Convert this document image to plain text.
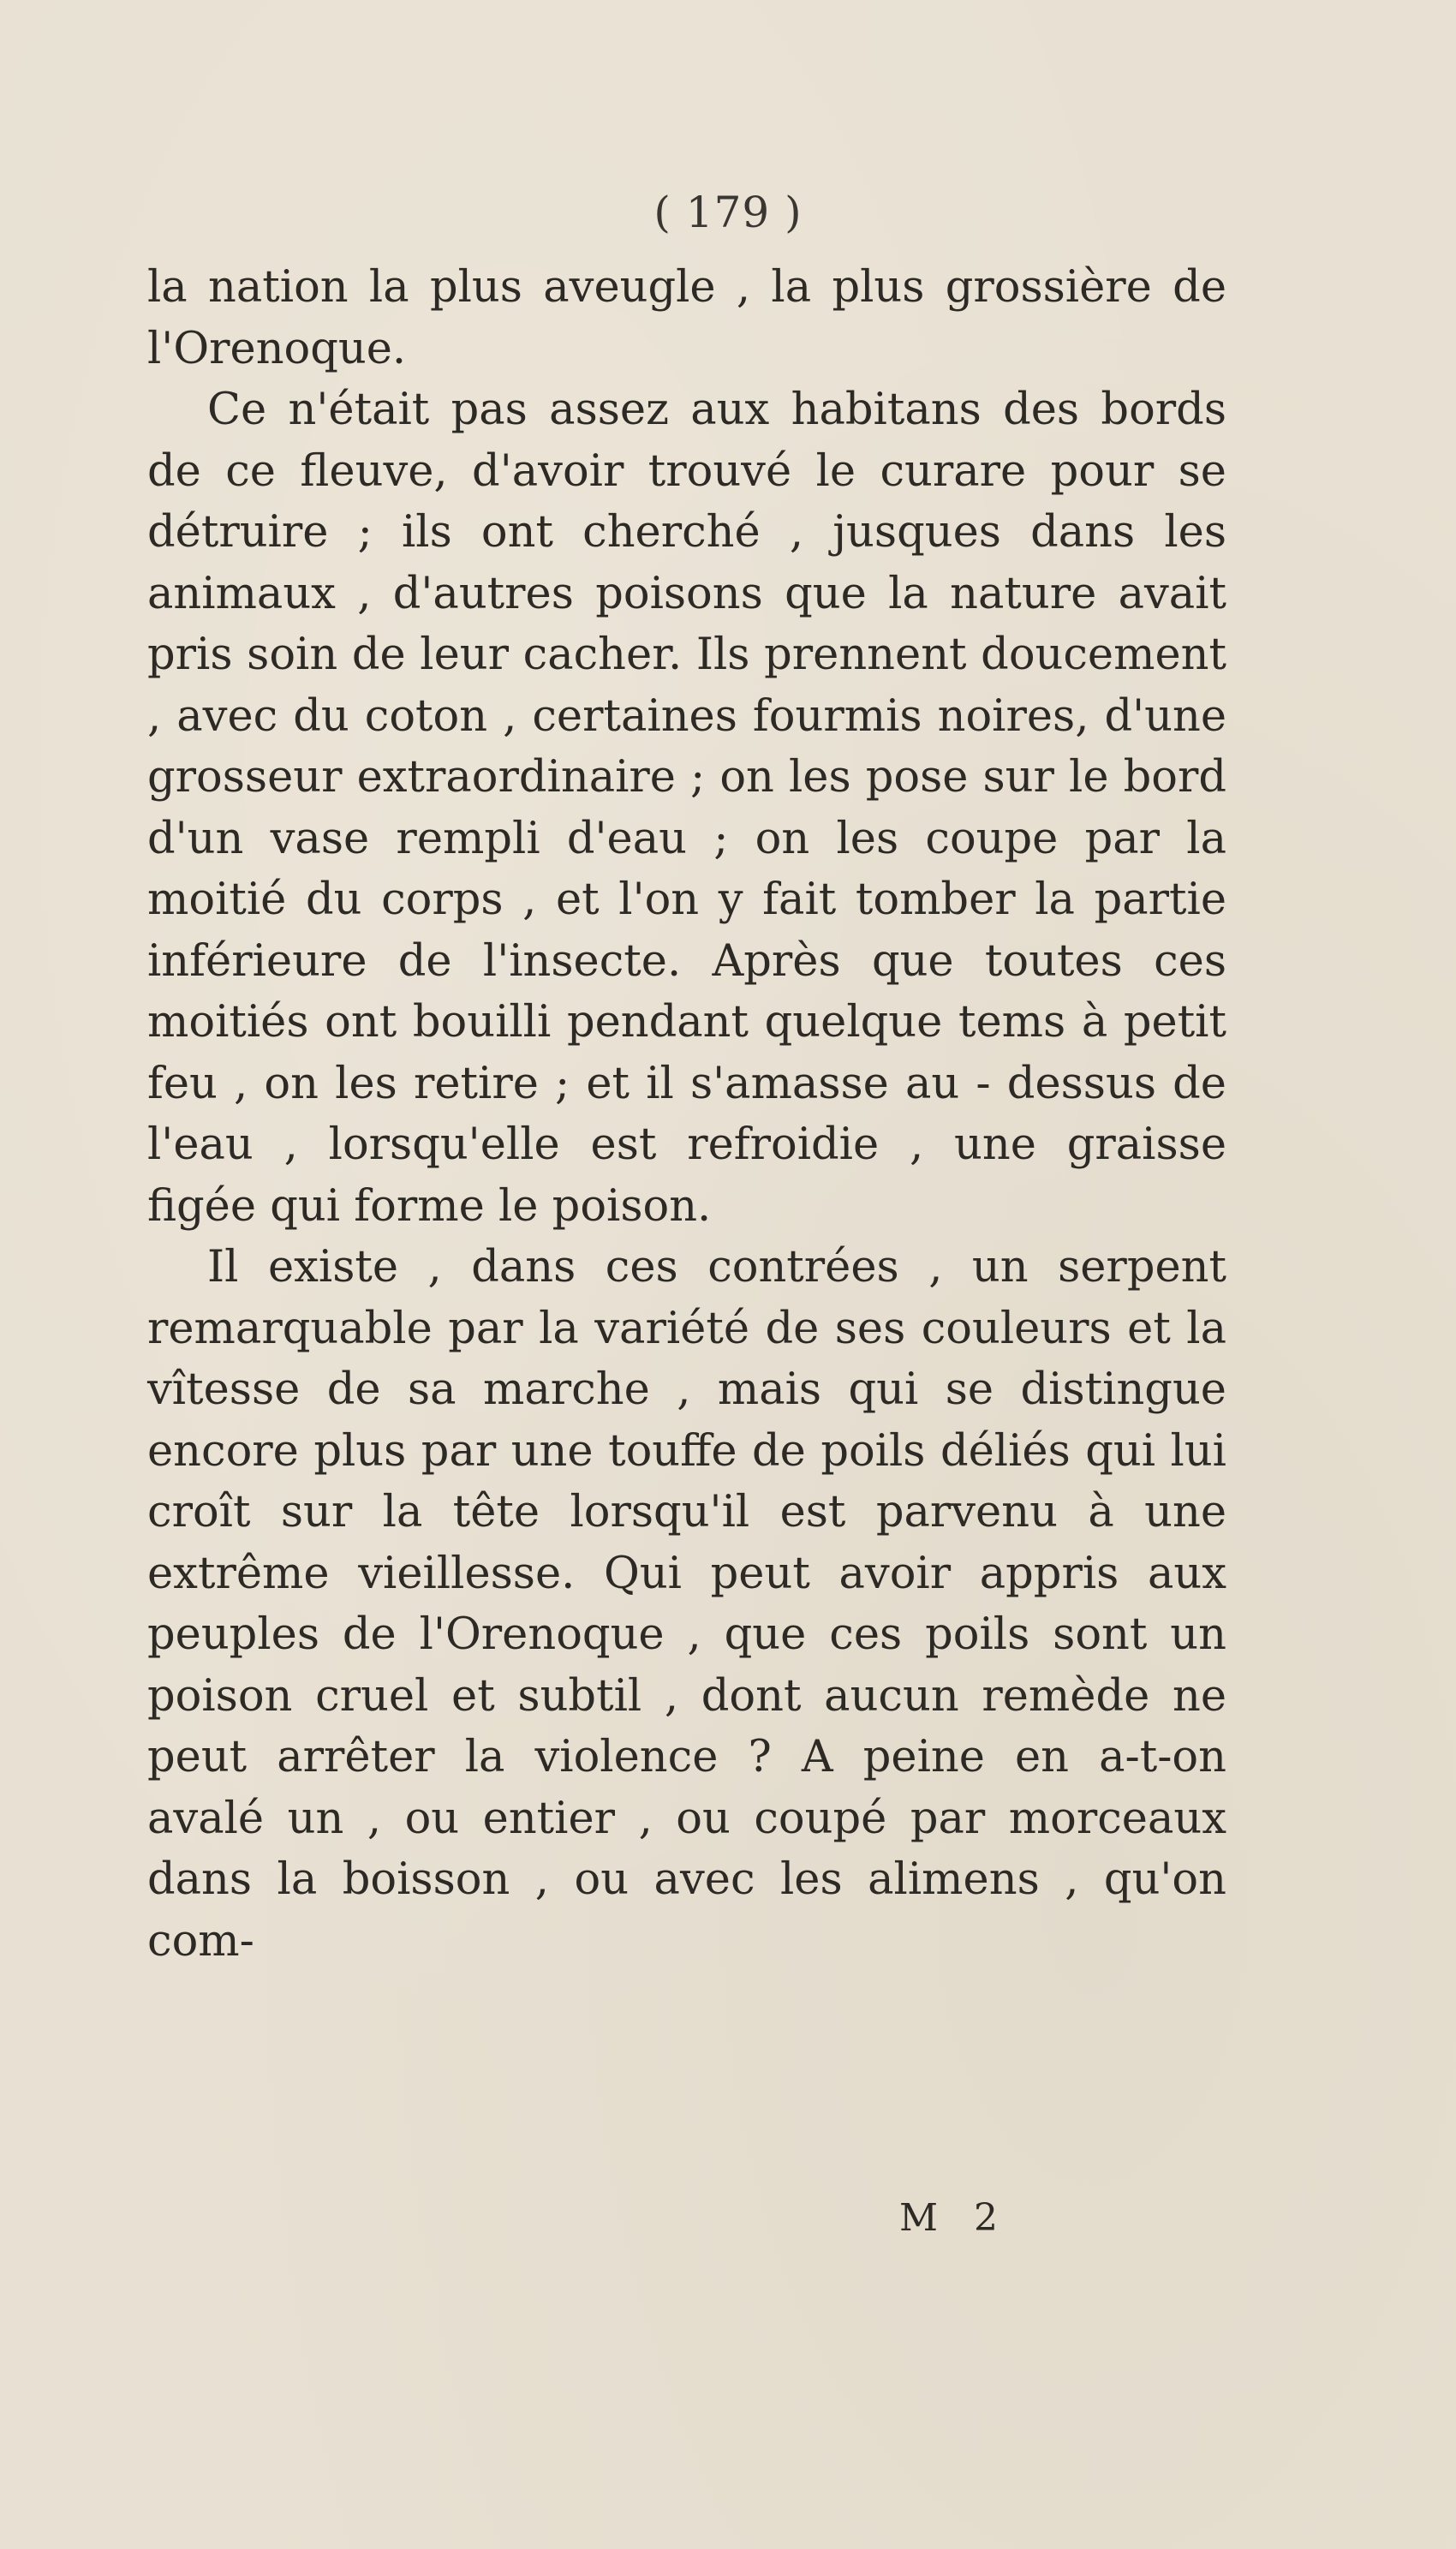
( 179 )

la nation la plus aveugle , la plus grossière de l'Orenoque.

Ce n'était pas assez aux habitans des bords de ce fleuve, d'avoir trouvé le curare pour se détruire ; ils ont cherché , jusques dans les animaux , d'autres poisons que la nature avait pris soin de leur cacher. Ils prennent doucement , avec du coton , certaines fourmis noires, d'une grosseur extraordinaire ; on les pose sur le bord d'un vase rempli d'eau ; on les coupe par la moitié du corps , et l'on y fait tomber la partie inférieure de l'insecte. Après que toutes ces moitiés ont bouilli pendant quelque tems à petit feu , on les retire ; et il s'amasse au - dessus de l'eau , lorsqu'elle est refroidie , une graisse figée qui forme le poison.

Il existe , dans ces contrées , un serpent remarquable par la variété de ses couleurs et la vîtesse de sa marche , mais qui se distingue encore plus par une touffe de poils déliés qui lui croît sur la tête lorsqu'il est parvenu à une extrême vieillesse. Qui peut avoir appris aux peuples de l'Orenoque , que ces poils sont un poison cruel et subtil , dont aucun remède ne peut arrêter la violence ? A peine en a-t-on avalé un , ou entier , ou coupé par morceaux dans la boisson , ou avec les alimens , qu'on com-

M 2
